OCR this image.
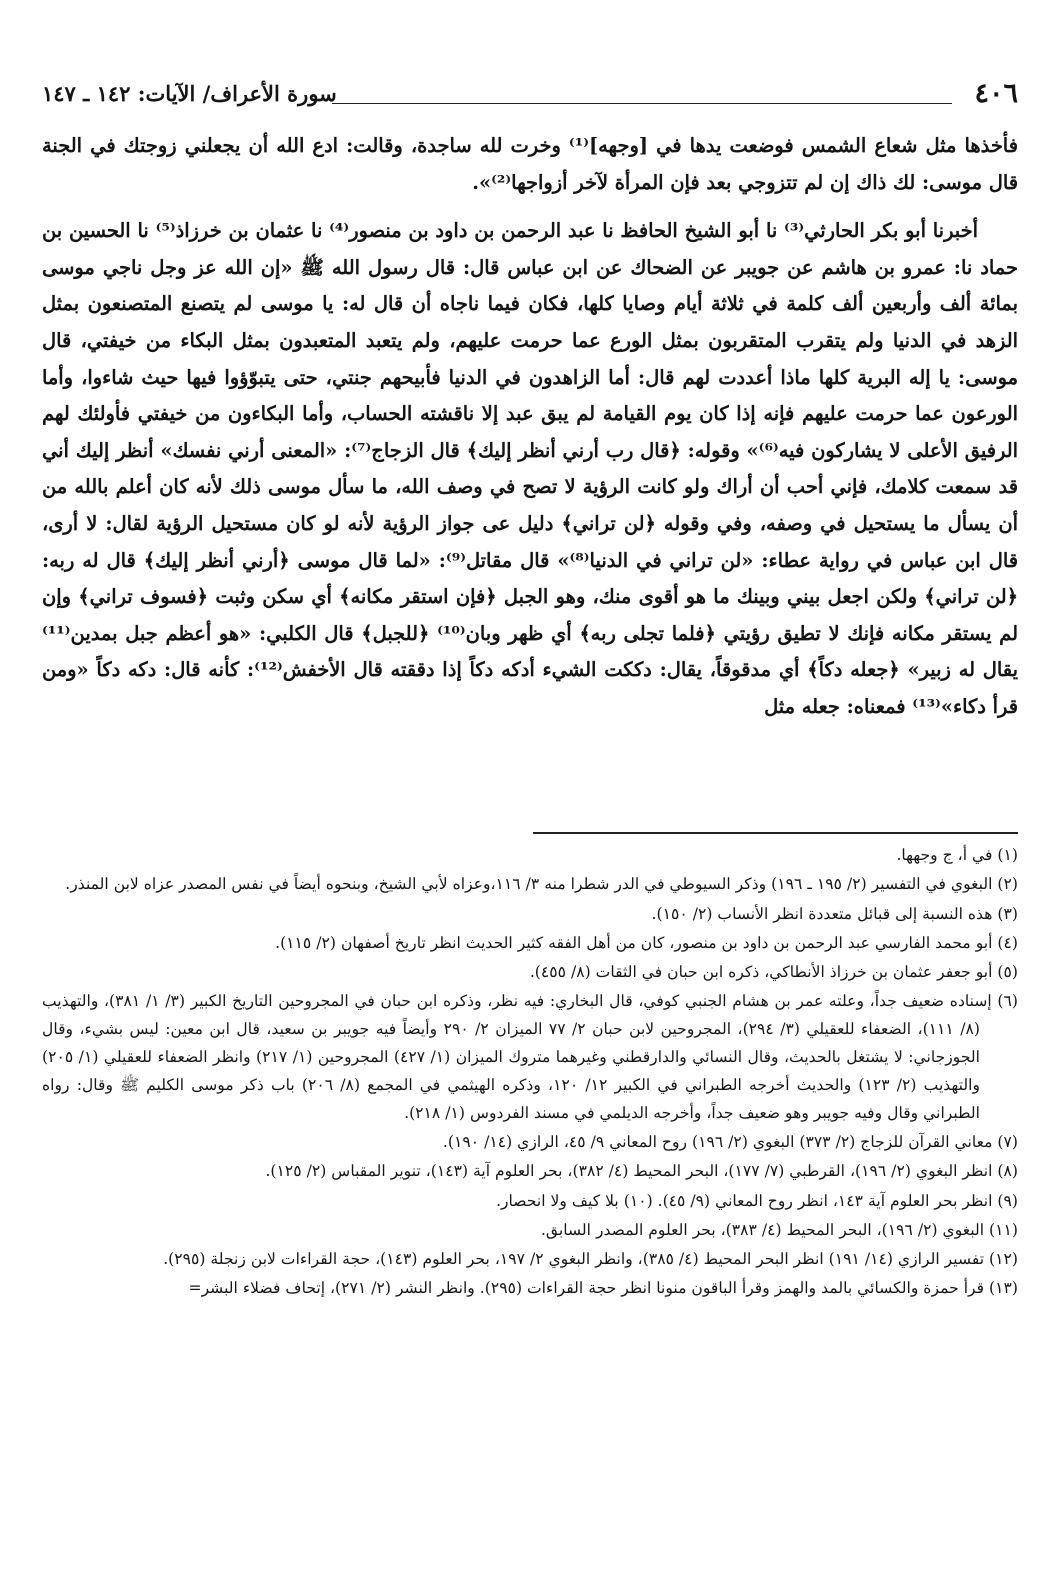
٤٠٦
سورة الأعراف/ الآيات: ١٤٢ ـ ١٤٧

فأخذها مثل شعاع الشمس فوضعت يدها في [وجهه]⁽¹⁾ وخرت لله ساجدة، وقالت: ادع الله أن يجعلني زوجتك في الجنة قال موسى: لك ذاك إن لم تتزوجي بعد فإن المرأة لآخر أزواجها⁽²⁾».

أخبرنا أبو بكر الحارثي⁽³⁾ نا أبو الشيخ الحافظ نا عبد الرحمن بن داود بن منصور⁽⁴⁾ نا عثمان بن خرزاذ⁽⁵⁾ نا الحسين بن حماد نا: عمرو بن هاشم عن جويبر عن الضحاك عن ابن عباس قال: قال رسول الله ﷺ «إن الله عز وجل ناجي موسى بمائة ألف وأربعين ألف كلمة في ثلاثة أيام وصايا كلها، فكان فيما ناجاه أن قال له: يا موسى لم يتصنع المتصنعون بمثل الزهد في الدنيا ولم يتقرب المتقربون بمثل الورع عما حرمت عليهم، ولم يتعبد المتعبدون بمثل البكاء من خيفتي، قال موسى: يا إله البرية كلها ماذا أعددت لهم قال: أما الزاهدون في الدنيا فأبيحهم جنتي، حتى يتبوّؤوا فيها حيث شاءوا، وأما الورعون عما حرمت عليهم فإنه إذا كان يوم القيامة لم يبق عبد إلا ناقشته الحساب، وأما البكاءون من خيفتي فأولئك لهم الرفيق الأعلى لا يشاركون فيه⁽⁶⁾» وقوله: ﴿قال رب أرني أنظر إليك﴾ قال الزجاج⁽⁷⁾: «المعنى أرني نفسك» أنظر إليك أني قد سمعت كلامك، فإني أحب أن أراك ولو كانت الرؤية لا تصح في وصف الله، ما سأل موسى ذلك لأنه كان أعلم بالله من أن يسأل ما يستحيل في وصفه، وفي وقوله ﴿لن تراني﴾ دليل عى جواز الرؤية لأنه لو كان مستحيل الرؤية لقال: لا أرى، قال ابن عباس في رواية عطاء: «لن تراني في الدنيا⁽⁸⁾» قال مقاتل⁽⁹⁾: «لما قال موسى ﴿أرني أنظر إليك﴾ قال له ربه: ﴿لن تراني﴾ ولكن اجعل بيني وبينك ما هو أقوى منك، وهو الجبل ﴿فإن استقر مكانه﴾ أي سكن وثبت ﴿فسوف تراني﴾ وإن لم يستقر مكانه فإنك لا تطيق رؤيتي ﴿فلما تجلى ربه﴾ أي ظهر وبان⁽¹⁰⁾ ﴿للجبل﴾ قال الكلبي: «هو أعظم جبل بمدين⁽¹¹⁾ يقال له زبير» ﴿جعله دكاً﴾ أي مدقوقاً، يقال: دككت الشيء أدكه دكاً إذا دققته قال الأخفش⁽¹²⁾: كأنه قال: دكه دكاً «ومن قرأ دكاء»⁽¹³⁾ فمعناه: جعله مثل

(١) في أ، ج وجهها.

(٢) البغوي في التفسير (٢/ ١٩٥ ـ ١٩٦) وذكر السيوطي في الدر شطرا منه ٣/ ١١٦،وعزاه لأبي الشيخ، وبنحوه أيضاً في نفس المصدر عزاه لابن المنذر.

(٣) هذه النسبة إلى قبائل متعددة انظر الأنساب (٢/ ١٥٠).

(٤) أبو محمد الفارسي عبد الرحمن بن داود بن منصور، كان من أهل الفقه كثير الحديث انظر تاريخ أصفهان (٢/ ١١٥).

(٥) أبو جعفر عثمان بن خرزاذ الأنطاكي، ذكره ابن حبان في الثقات (٨/ ٤٥٥).

(٦) إسناده ضعيف جداً، وعلته عمر بن هشام الجنبي كوفي، قال البخاري: فيه نظر، وذكره ابن حبان في المجروحين التاريخ الكبير (٣/ ١/ ٣٨١)، والتهذيب (٨/ ١١١)، الضعفاء للعقيلي (٣/ ٢٩٤)، المجروحين لابن حبان ٢/ ٧٧ الميزان ٢/ ٢٩٠ وأيضاً فيه جويبر بن سعيد، قال ابن معين: ليس بشيء، وقال الجوزجاني: لا يشتغل بالحديث، وقال النسائي والدارقطني وغيرهما متروك الميزان (١/ ٤٢٧) المجروحين (١/ ٢١٧) وانظر الضعفاء للعقيلي (١/ ٢٠٥) والتهذيب (٢/ ١٢٣) والحديث أخرجه الطبراني في الكبير ١٢/ ١٢٠، وذكره الهيثمي في المجمع (٨/ ٢٠٦) باب ذكر موسى الكليم ﷺ وقال: رواه الطبراني وقال وفيه جويبر وهو ضعيف جداً، وأخرجه الديلمي في مسند الفردوس (١/ ٢١٨).

(٧) معاني القرآن للزجاج (٢/ ٣٧٣) البغوي (٢/ ١٩٦) روح المعاني ٩/ ٤٥، الرازي (١٤/ ١٩٠).

(٨) انظر البغوي (٢/ ١٩٦)، القرطبي (٧/ ١٧٧)، البحر المحيط (٤/ ٣٨٢)، بحر العلوم آية (١٤٣)، تنوير المقباس (٢/ ١٢٥).

(٩) انظر بحر العلوم آية ١٤٣، انظر روح المعاني (٩/ ٤٥). (١٠) بلا كيف ولا انحصار.

(١١) البغوي (٢/ ١٩٦)، البحر المحيط (٤/ ٣٨٣)، بحر العلوم المصدر السابق.

(١٢) تفسير الرازي (١٤/ ١٩١) انظر البحر المحيط (٤/ ٣٨٥)، وانظر البغوي ٢/ ١٩٧، بحر العلوم (١٤٣)، حجة القراءات لابن زنجلة (٢٩٥).

(١٣) قرأ حمزة والكسائي بالمد والهمز وقرأ الباقون منونا انظر حجة القراءات (٢٩٥). وانظر النشر (٢/ ٢٧١)، إتحاف فضلاء البشر=
